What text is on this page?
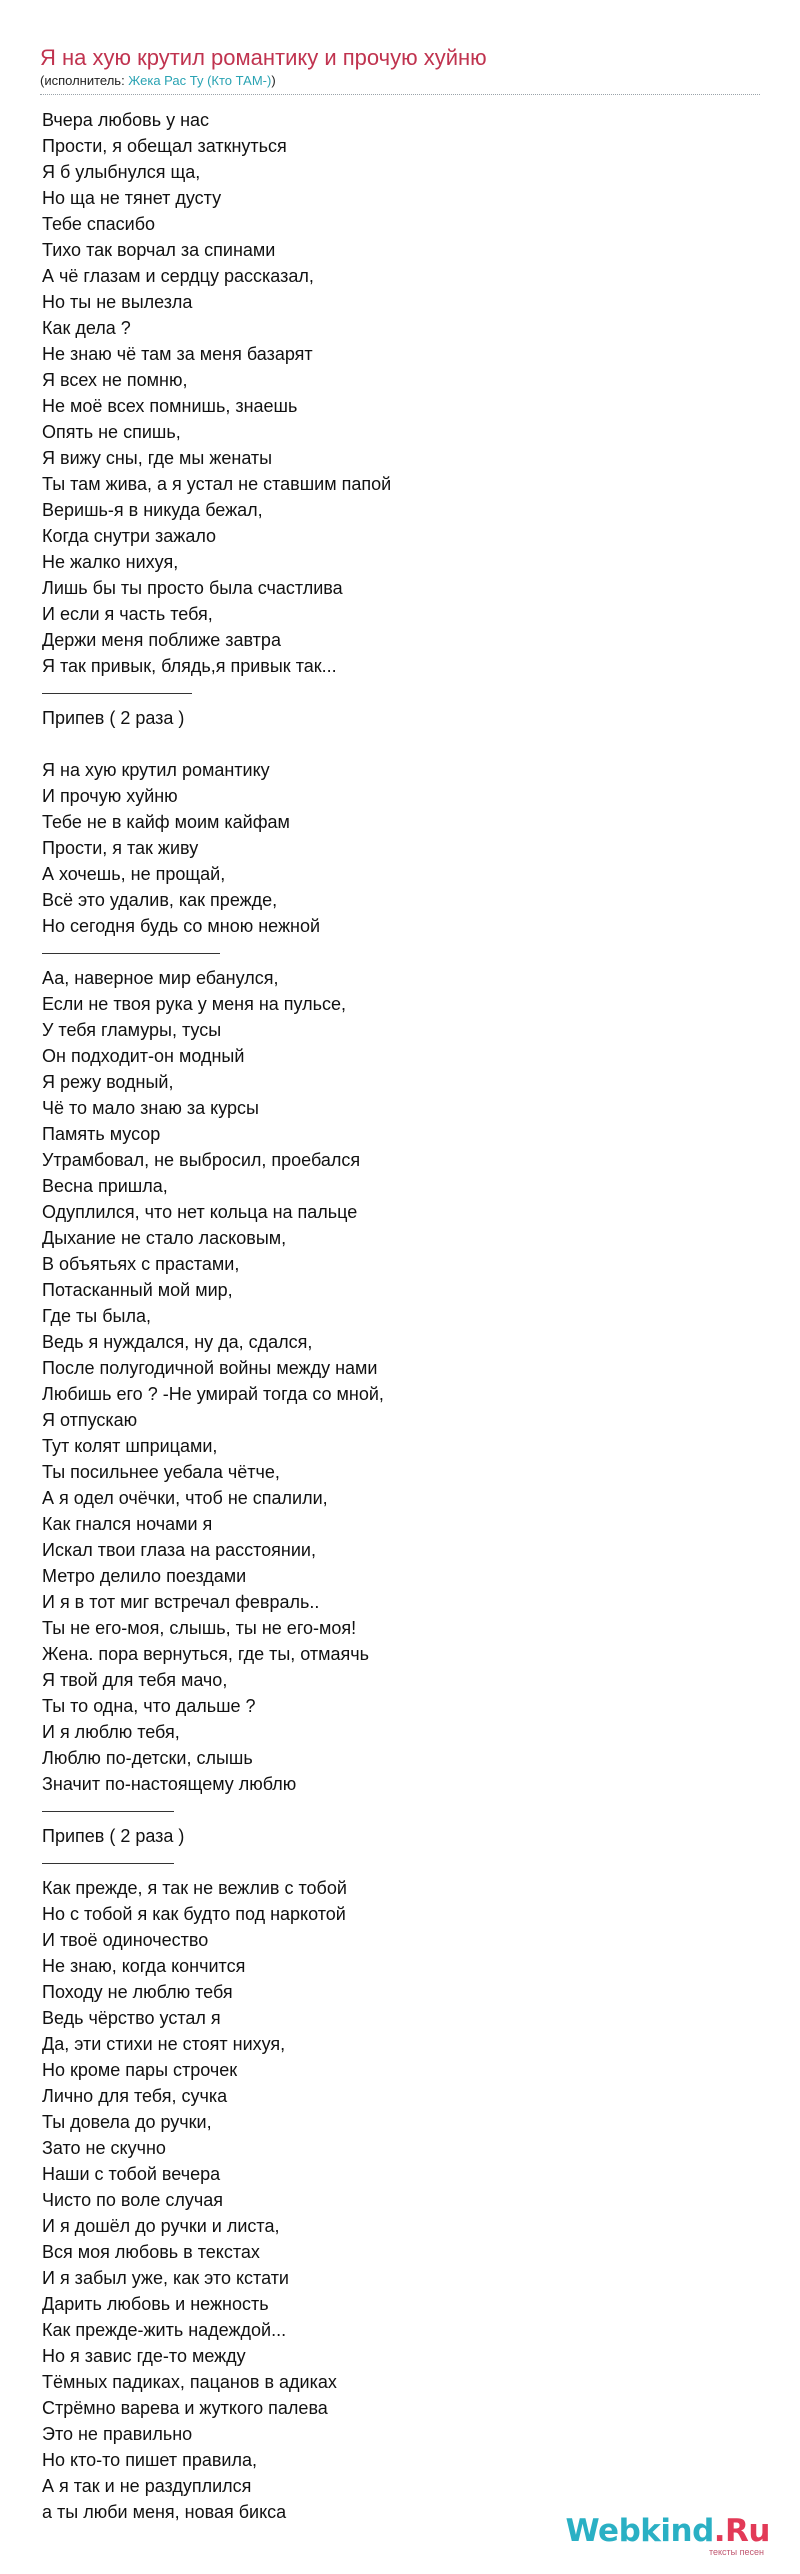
Я на хую крутил романтику и прочую хуйню
(исполнитель: Жека Рас Ту (Кто ТАМ-))
Вчера любовь у нас
Прости, я обещал заткнуться
Я б улыбнулся ща,
Но ща не тянет дусту
Тебе спасибо
Тихо так ворчал за спинами
А чё глазам и сердцу рассказал,
Но ты не вылезла
Как дела ?
Не знаю чё там за меня базарят
Я всех не помню,
Не моё всех помнишь, знаешь
Опять не спишь,
Я вижу сны, где мы женаты
Ты там жива, а я устал не ставшим папой
Веришь-я в никуда бежал,
Когда снутри зажало
Не жалко нихуя,
Лишь бы ты просто была счастлива
И если я часть тебя,
Держи меня поближе завтра
Я так привык, блядь,я привык так...
Припев ( 2 раза )
Я на хую крутил романтику
И прочую хуйню
Тебе не в кайф моим кайфам
Прости, я так живу
А хочешь, не прощай,
Всё это удалив, как прежде,
Но сегодня будь со мною нежной
Аа, наверное мир ебанулся,
Если не твоя рука у меня на пульсе,
У тебя гламуры, тусы
Он подходит-он модный
Я режу водный,
Чё то мало знаю за курсы
Память мусор
Утрамбовал, не выбросил, проебался
Весна пришла,
Одуплился, что нет кольца на пальце
Дыхание не стало ласковым,
В объятьях с прастами,
Потасканный мой мир,
Где ты была,
Ведь я нуждался, ну да, сдался,
После полугодичной войны между нами
Любишь его ? -Не умирай тогда со мной,
Я отпускаю
Тут колят шприцами,
Ты посильнее уебала чётче,
А я одел очёчки, чтоб не спалили,
Как гнался ночами я
Искал твои глаза на расстоянии,
Метро делило поездами
И я в тот миг встречал февраль..
Ты не его-моя, слышь, ты не его-моя!
Жена. пора вернуться, где ты, отмаячь
Я твой для тебя мачо,
Ты то одна, что дальше ?
И я люблю тебя,
Люблю по-детски, слышь
Значит по-настоящему люблю
Припев ( 2 раза )
Как прежде, я так не вежлив с тобой
Но с тобой я как будто под наркотой
И твоё одиночество
Не знаю, когда кончится
Походу не люблю тебя
Ведь чёрство устал я
Да, эти стихи не стоят нихуя,
Но кроме пары строчек
Лично для тебя, сучка
Ты довела до ручки,
Зато не скучно
Наши с тобой вечера
Чисто по воле случая
И я дошёл до ручки и листа,
Вся моя любовь в текстах
И я забыл уже, как это кстати
Дарить любовь и нежность
Как прежде-жить надеждой...
Но я завис где-то между
Тёмных падиках, пацанов в адиках
Стрёмно варева и жуткого палева
Это не правильно
Но кто-то пишет правила,
А я так и не раздуплился
а ты люби меня, новая бикса
Webkind.Ru
тексты песен
